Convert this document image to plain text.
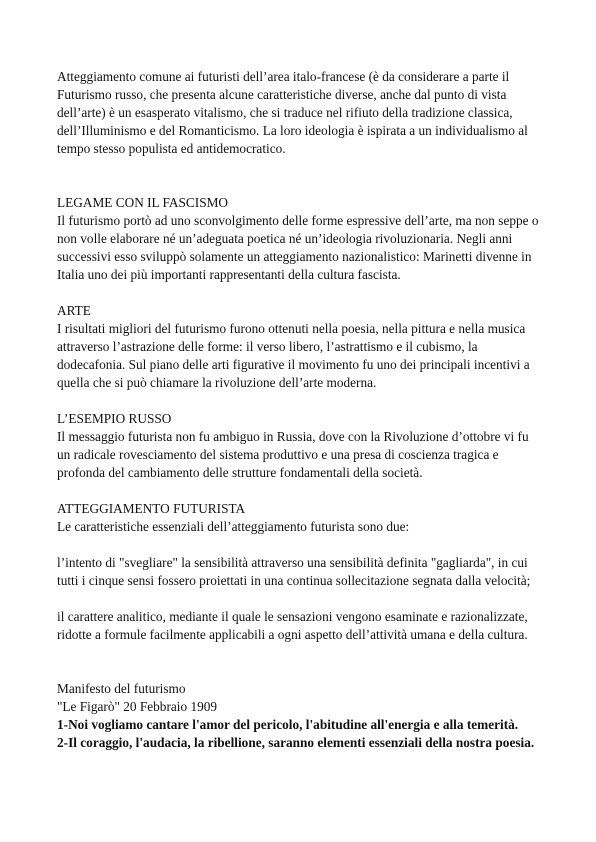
Atteggiamento comune ai futuristi dell’area italo-francese (è da considerare a parte il Futurismo russo, che presenta alcune caratteristiche diverse, anche dal punto di vista dell’arte) è un esasperato vitalismo, che si traduce nel rifiuto della tradizione classica, dell’Illuminismo e del Romanticismo. La loro ideologia è ispirata a un individualismo al tempo stesso populista ed antidemocratico.

LEGAME CON IL FASCISMO

Il futurismo portò ad uno sconvolgimento delle forme espressive dell’arte, ma non seppe o non volle elaborare né un’adeguata poetica né un’ideologia rivoluzionaria. Negli anni successivi esso sviluppò solamente un atteggiamento nazionalistico: Marinetti divenne in Italia uno dei più importanti rappresentanti della cultura fascista.

ARTE

I risultati migliori del futurismo furono ottenuti nella poesia, nella pittura e nella musica attraverso l’astrazione delle forme: il verso libero, l’astrattismo e il cubismo, la dodecafonia. Sul piano delle arti figurative il movimento fu uno dei principali incentivi a quella che si può chiamare la rivoluzione dell’arte moderna.

L’ESEMPIO RUSSO

Il messaggio futurista non fu ambiguo in Russia, dove con la Rivoluzione d’ottobre vi fu un radicale rovesciamento del sistema produttivo e una presa di coscienza tragica e profonda del cambiamento delle strutture fondamentali della società.

ATTEGGIAMENTO FUTURISTA

Le caratteristiche essenziali dell’atteggiamento futurista sono due:

l’intento di "svegliare" la sensibilità attraverso una sensibilità definita "gagliarda", in cui tutti i cinque sensi fossero proiettati in una continua sollecitazione segnata dalla velocità;

il carattere analitico, mediante il quale le sensazioni vengono esaminate e razionalizzate, ridotte a formule facilmente applicabili a ogni aspetto dell’attività umana e della cultura.

Manifesto del futurismo

"Le Figarò" 20 Febbraio 1909

1-Noi vogliamo cantare l'amor del pericolo, l'abitudine all'energia e alla temerità.

2-Il coraggio, l'audacia, la ribellione, saranno elementi essenziali della nostra poesia.
